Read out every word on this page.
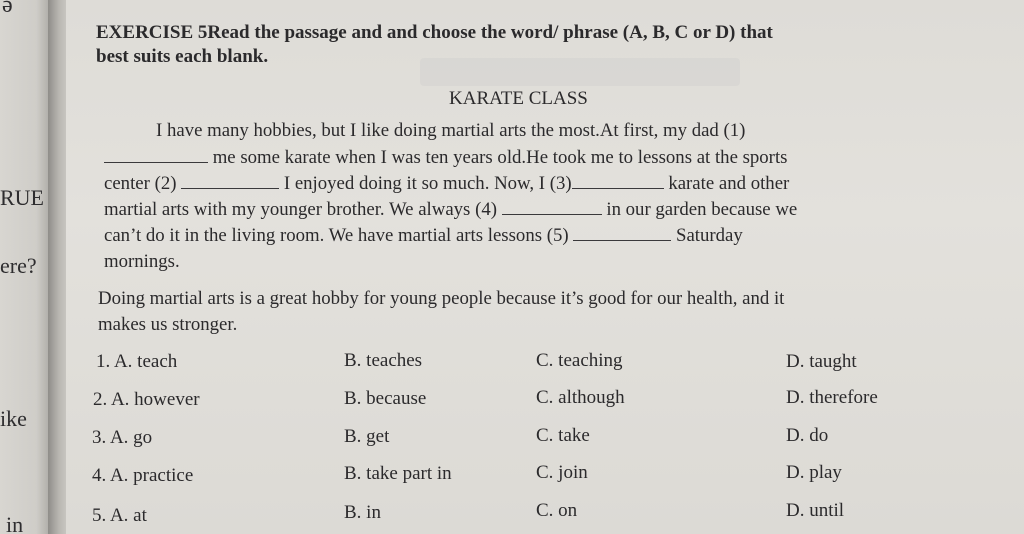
ə
RUE
ere?
ike
in
EXERCISE 5Read the passage and and choose the word/ phrase (A, B, C or D) that
best suits each blank.
KARATE CLASS
I have many hobbies, but I like doing martial arts the most.At first, my dad (1)
me some karate when I was ten years old.He took me to lessons at the sports
center (2)	I enjoyed doing it so much. Now, I (3)	karate and other
martial arts with my younger brother. We always (4)	in our garden because we
can’t do it in the living room. We have martial arts lessons (5)	Saturday
mornings.
Doing martial arts is a great hobby for young people because it’s good for our health, and it
makes us stronger.
1. A. teach	B. teaches	C. teaching	D. taught
2. A. however	B. because	C. although	D. therefore
3. A. go	B. get	C. take	D. do
4. A. practice	B. take part in	C. join	D. play
5. A. at	B. in	C. on	D. until
